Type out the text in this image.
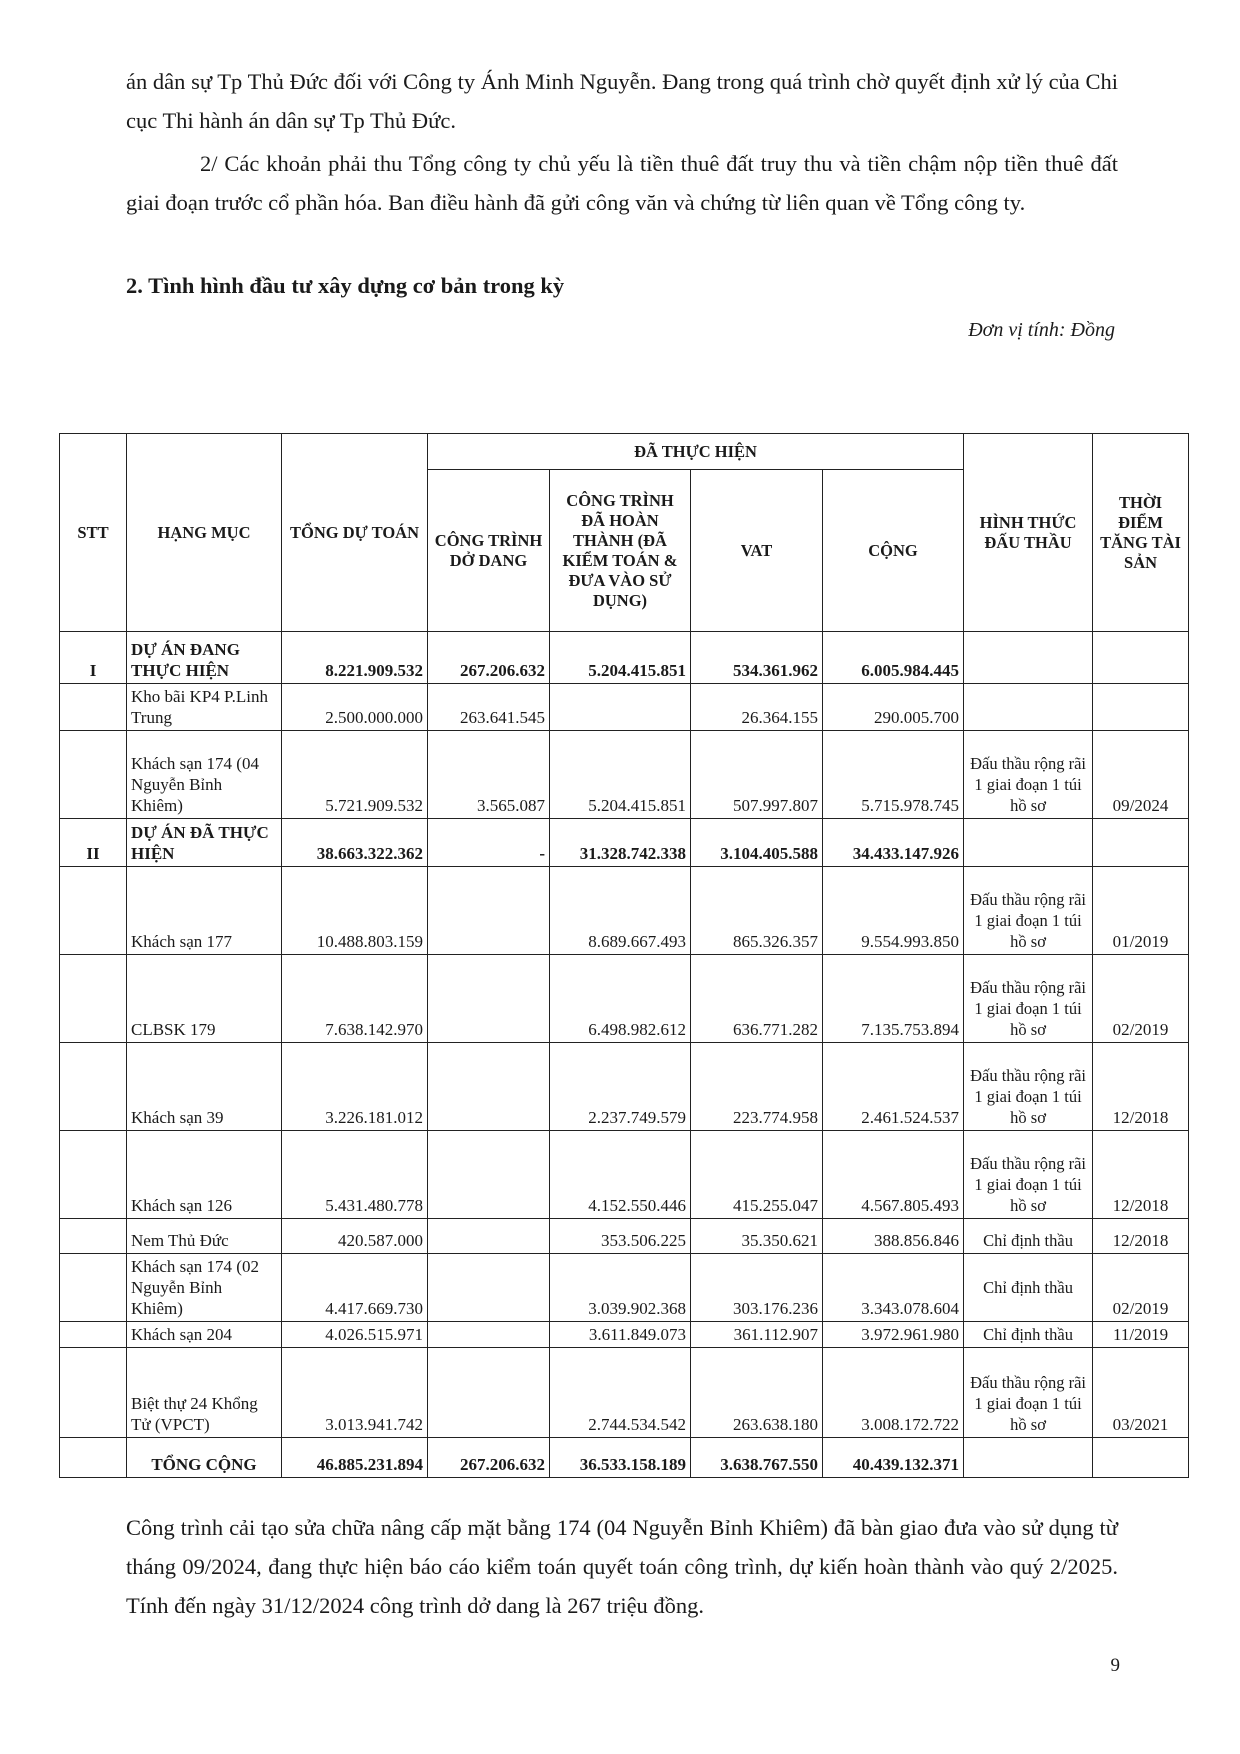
án dân sự Tp Thủ Đức đối với Công ty Ánh Minh Nguyễn. Đang trong quá trình chờ quyết định xử lý của Chi cục Thi hành án dân sự Tp Thủ Đức.

2/ Các khoản phải thu Tổng công ty chủ yếu là tiền thuê đất truy thu và tiền chậm nộp tiền thuê đất giai đoạn trước cổ phần hóa. Ban điều hành đã gửi công văn và chứng từ liên quan về Tổng công ty.

2. Tình hình đầu tư xây dựng cơ bản trong kỳ
Đơn vị tính: Đồng
STT	HẠNG MỤC	TỔNG DỰ TOÁN	ĐÃ THỰC HIỆN				HÌNH THỨC ĐẤU THẦU	THỜI ĐIỂM TĂNG TÀI SẢN
			CÔNG TRÌNH DỞ DANG	CÔNG TRÌNH ĐÃ HOÀN THÀNH (ĐÃ KIỂM TOÁN & ĐƯA VÀO SỬ DỤNG)	VAT	CỘNG		
I	DỰ ÁN ĐANG THỰC HIỆN	8.221.909.532	267.206.632	5.204.415.851	534.361.962	6.005.984.445		
	Kho bãi KP4 P.Linh Trung	2.500.000.000	263.641.545		26.364.155	290.005.700		
	Khách sạn 174 (04 Nguyễn Bỉnh Khiêm)	5.721.909.532	3.565.087	5.204.415.851	507.997.807	5.715.978.745	Đấu thầu rộng rãi 1 giai đoạn 1 túi hồ sơ	09/2024
II	DỰ ÁN ĐÃ THỰC HIỆN	38.663.322.362	-	31.328.742.338	3.104.405.588	34.433.147.926		
	Khách sạn 177	10.488.803.159		8.689.667.493	865.326.357	9.554.993.850	Đấu thầu rộng rãi 1 giai đoạn 1 túi hồ sơ	01/2019
	CLBSK 179	7.638.142.970		6.498.982.612	636.771.282	7.135.753.894	Đấu thầu rộng rãi 1 giai đoạn 1 túi hồ sơ	02/2019
	Khách sạn 39	3.226.181.012		2.237.749.579	223.774.958	2.461.524.537	Đấu thầu rộng rãi 1 giai đoạn 1 túi hồ sơ	12/2018
	Khách sạn 126	5.431.480.778		4.152.550.446	415.255.047	4.567.805.493	Đấu thầu rộng rãi 1 giai đoạn 1 túi hồ sơ	12/2018
	Nem Thủ Đức	420.587.000		353.506.225	35.350.621	388.856.846	Chỉ định thầu	12/2018
	Khách sạn 174 (02 Nguyễn Bỉnh Khiêm)	4.417.669.730		3.039.902.368	303.176.236	3.343.078.604	Chỉ định thầu	02/2019
	Khách sạn 204	4.026.515.971		3.611.849.073	361.112.907	3.972.961.980	Chỉ định thầu	11/2019
	Biệt thự 24 Khổng Tử (VPCT)	3.013.941.742		2.744.534.542	263.638.180	3.008.172.722	Đấu thầu rộng rãi 1 giai đoạn 1 túi hồ sơ	03/2021
	TỔNG CỘNG	46.885.231.894	267.206.632	36.533.158.189	3.638.767.550	40.439.132.371		

Công trình cải tạo sửa chữa nâng cấp mặt bằng 174 (04 Nguyễn Bỉnh Khiêm) đã bàn giao đưa vào sử dụng từ tháng 09/2024, đang thực hiện báo cáo kiểm toán quyết toán công trình, dự kiến hoàn thành vào quý 2/2025. Tính đến ngày 31/12/2024 công trình dở dang là 267 triệu đồng.

9
